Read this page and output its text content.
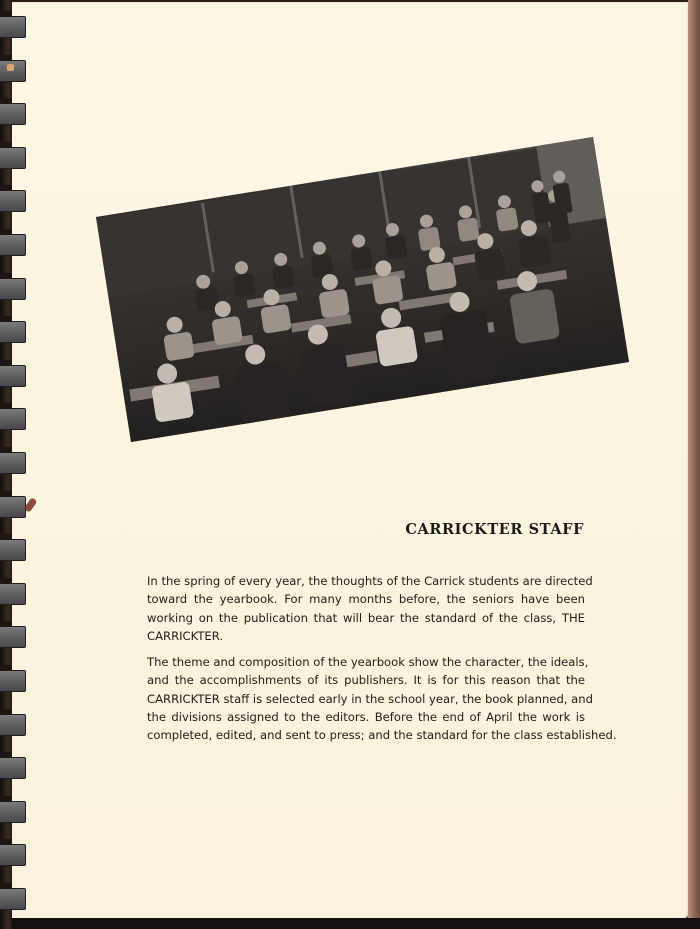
CARRICKTER STAFF
In the spring of every year, the thoughts of the Carrick students are directed
toward the yearbook. For many months before, the seniors have been
working on the publication that will bear the standard of the class, THE
CARRICKTER.
The theme and composition of the yearbook show the character, the ideals,
and the accomplishments of its publishers. It is for this reason that the
CARRICKTER staff is selected early in the school year, the book planned, and
the divisions assigned to the editors. Before the end of April the work is
completed, edited, and sent to press; and the standard for the class established.
